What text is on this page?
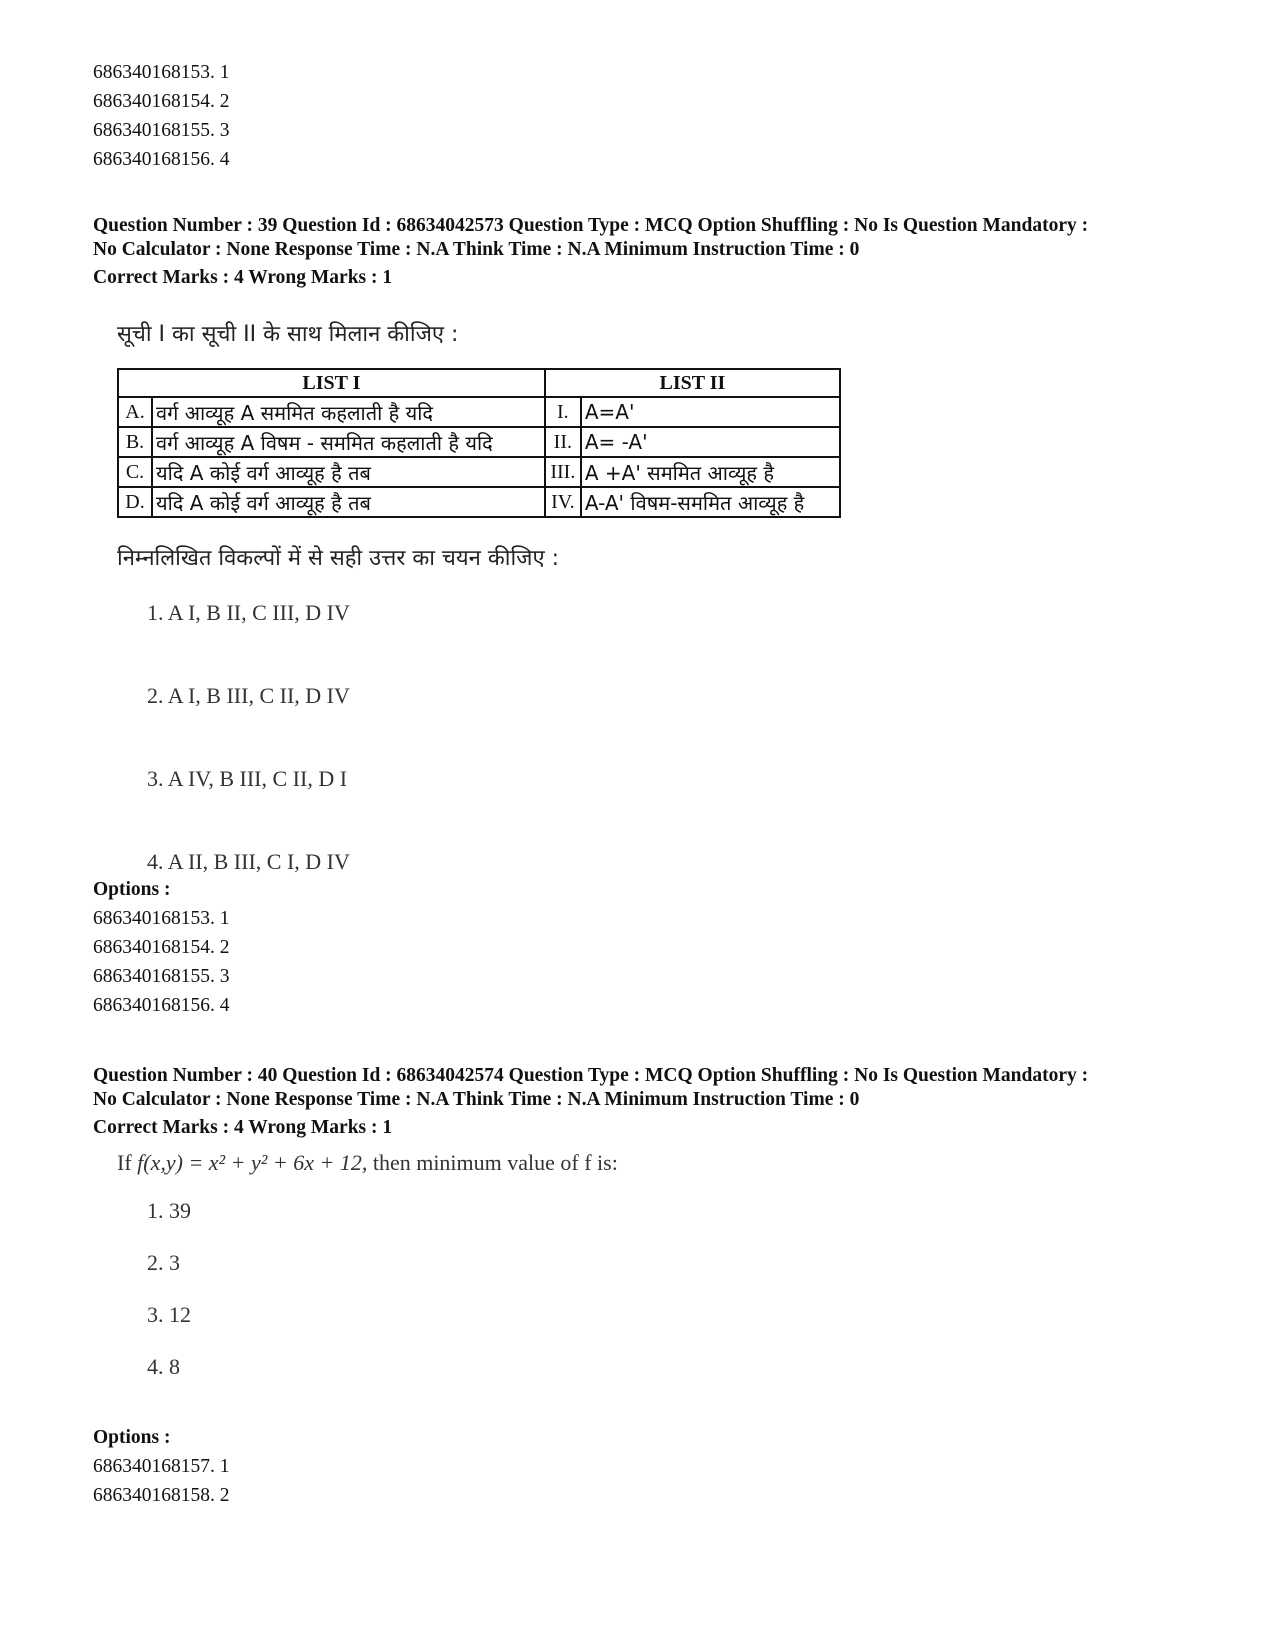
686340168153. 1

686340168154. 2

686340168155. 3

686340168156. 4

Question Number : 39 Question Id : 68634042573 Question Type : MCQ Option Shuffling : No Is Question Mandatory :

No Calculator : None Response Time : N.A Think Time : N.A Minimum Instruction Time : 0

Correct Marks : 4 Wrong Marks : 1

सूची I का सूची II के साथ मिलान कीजिए :

LIST I		LIST II	
A.	वर्ग आव्यूह A सममित कहलाती है यदि	I.	A=A'
B.	वर्ग आव्यूह A विषम - सममित कहलाती है यदि	II.	A= -A'
C.	यदि A कोई वर्ग आव्यूह है तब	III.	A +A' सममित आव्यूह है
D.	यदि A कोई वर्ग आव्यूह है तब	IV.	A-A' विषम-सममित आव्यूह है

निम्नलिखित विकल्पों में से सही उत्तर का चयन कीजिए :

1. A I, B II, C III, D IV

2. A I, B III, C II, D IV

3. A IV, B III, C II, D I

4. A II, B III, C I, D IV

Options :

686340168153. 1

686340168154. 2

686340168155. 3

686340168156. 4

Question Number : 40 Question Id : 68634042574 Question Type : MCQ Option Shuffling : No Is Question Mandatory :

No Calculator : None Response Time : N.A Think Time : N.A Minimum Instruction Time : 0

Correct Marks : 4 Wrong Marks : 1

If f(x,y) = x² + y² + 6x + 12, then minimum value of f is:

1. 39

2. 3

3. 12

4. 8

Options :

686340168157. 1

686340168158. 2
